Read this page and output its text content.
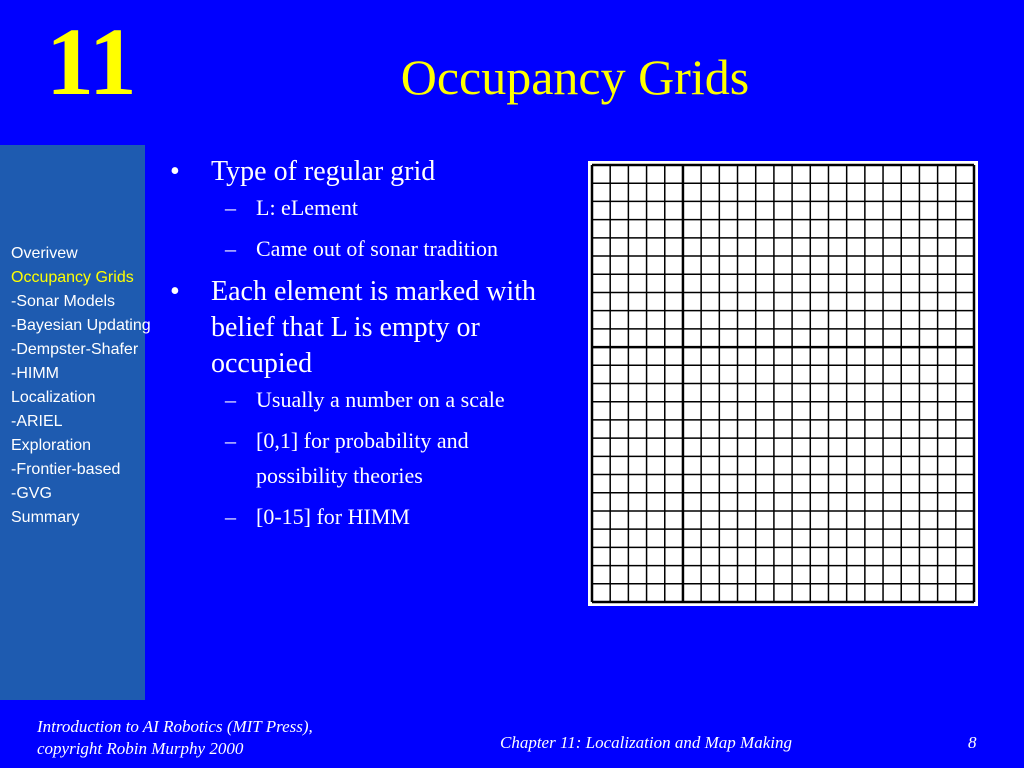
11	Occupancy Grids
Overivew
Occupancy Grids
-Sonar Models
-Bayesian Updating
-Dempster-Shafer
-HIMM
Localization
-ARIEL
Exploration
-Frontier-based
-GVG
Summary
• Type of regular grid
– L: eLement
– Came out of sonar tradition
• Each element is marked with belief that L is empty or occupied
– Usually a number on a scale
– [0,1] for probability and possibility theories
– [0-15] for HIMM
Introduction to AI Robotics (MIT Press),
copyright Robin Murphy 2000	Chapter 11: Localization and Map Making	8
